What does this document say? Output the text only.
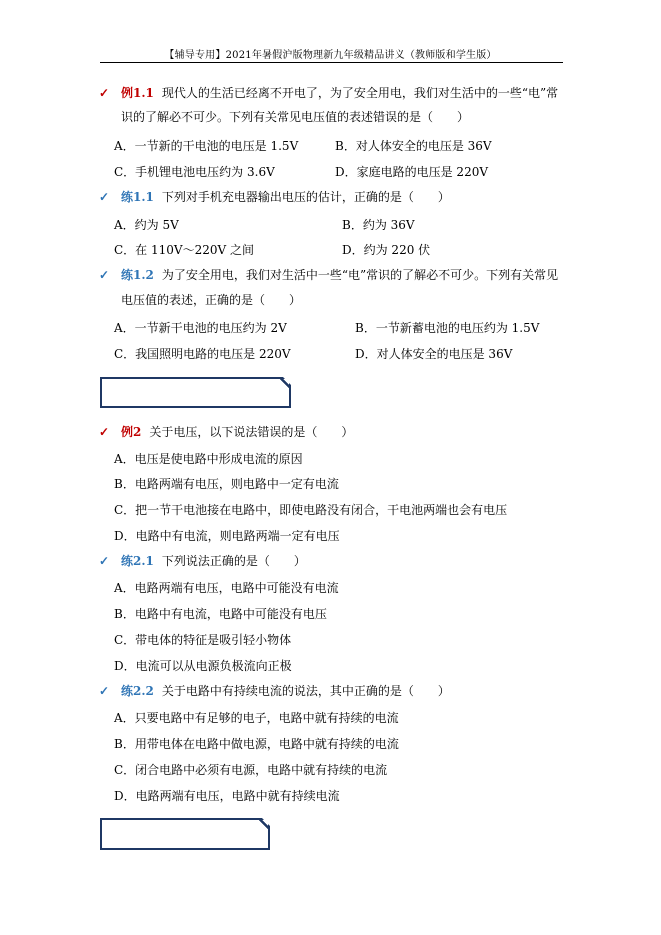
【辅导专用】2021年暑假沪版物理新九年级精品讲义（教师版和学生版）
✓ 例1.1 现代人的生活已经离不开电了，为了安全用电，我们对生活中的一些“电”常
识的了解必不可少。下列有关常见电压值的表述错误的是（　　）
A．一节新的干电池的电压是 1.5V	B．对人体安全的电压是 36V
C．手机锂电池电压约为 3.6V	D．家庭电路的电压是 220V
✓ 练1.1 下列对手机充电器输出电压的估计，正确的是（　　）
A．约为 5V	B．约为 36V
C．在 110V～220V 之间	D．约为 220 伏
✓ 练1.2 为了安全用电，我们对生活中一些“电”常识的了解必不可少。下列有关常见
电压值的表述，正确的是（　　）
A．一节新干电池的电压约为 2V	B．一节新蓄电池的电压约为 1.5V
C．我国照明电路的电压是 220V	D．对人体安全的电压是 36V
✓ 例2 关于电压，以下说法错误的是（　　）
A．电压是使电路中形成电流的原因
B．电路两端有电压，则电路中一定有电流
C．把一节干电池接在电路中，即使电路没有闭合，干电池两端也会有电压
D．电路中有电流，则电路两端一定有电压
✓ 练2.1 下列说法正确的是（　　）
A．电路两端有电压，电路中可能没有电流
B．电路中有电流，电路中可能没有电压
C．带电体的特征是吸引轻小物体
D．电流可以从电源负极流向正极
✓ 练2.2 关于电路中有持续电流的说法，其中正确的是（　　）
A．只要电路中有足够的电子，电路中就有持续的电流
B．用带电体在电路中做电源，电路中就有持续的电流
C．闭合电路中必须有电源，电路中就有持续的电流
D．电路两端有电压，电路中就有持续电流
